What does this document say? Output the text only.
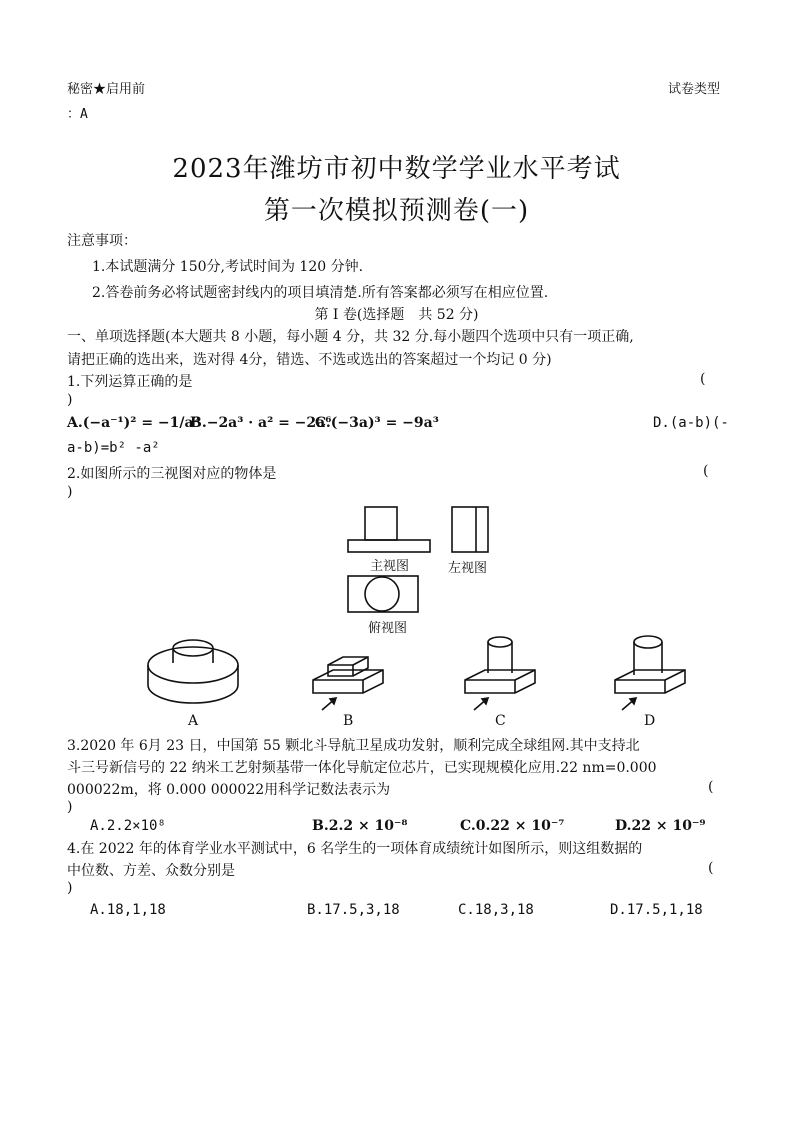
秘密★启用前	试卷类型
：A
2023年潍坊市初中数学学业水平考试
第一次模拟预测卷(一)
注意事项：
1.本试题满分 150分,考试时间为 120 分钟.
2.答卷前务必将试题密封线内的项目填清楚.所有答案都必须写在相应位置.
第 Ⅰ 卷(选择题　共 52 分)
一、单项选择题(本大题共 8 小题，每小题 4 分，共 32 分.每小题四个选项中只有一项正确,
请把正确的选出来，选对得 4分，错选、不选或选出的答案超过一个均记 0 分)
1.下列运算正确的是	(
)
A.(−a⁻¹)² = −1/a²
B.−2a³ · a² = −2a⁶
C.(−3a)³ = −9a³	D.(a-b)(-
a-b)=b² -a²
2.如图所示的三视图对应的物体是	(
)
主视图	左视图
俯视图
A	B	C	D
3.2020 年 6月 23 日，中国第 55 颗北斗导航卫星成功发射，顺利完成全球组网.其中支持北
斗三号新信号的 22 纳米工艺射频基带一体化导航定位芯片，已实现规模化应用.22 nm=0.000
000022m，将 0.000 000022用科学记数法表示为	(
)
A.2.2×10⁸	B.2.2 × 10⁻⁸	C.0.22 × 10⁻⁷	D.22 × 10⁻⁹
4.在 2022 年的体育学业水平测试中，6 名学生的一项体育成绩统计如图所示，则这组数据的
中位数、方差、众数分别是	(
)
A.18,1,18	B.17.5,3,18	C.18,3,18	D.17.5,1,18
